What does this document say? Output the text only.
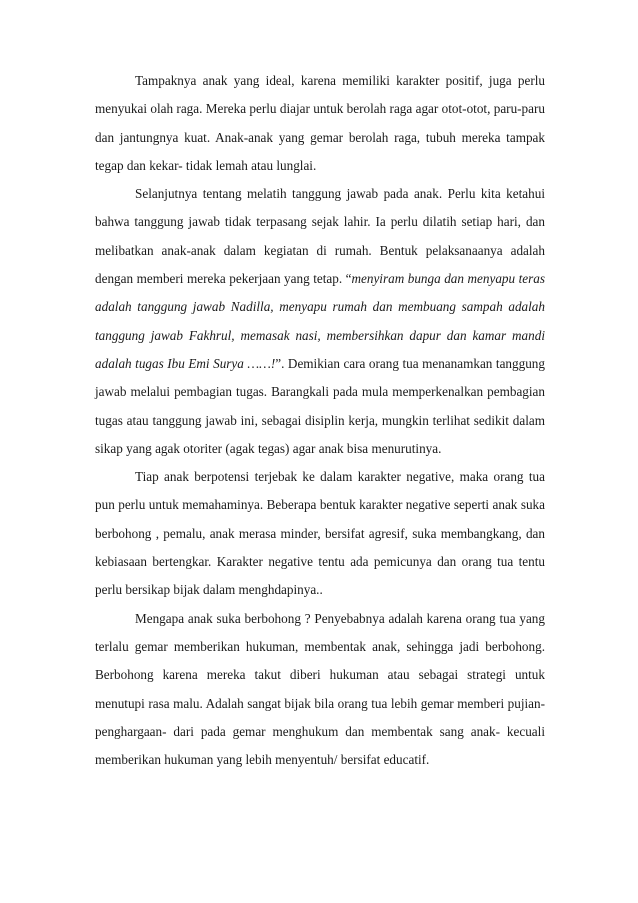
Tampaknya anak yang ideal, karena memiliki karakter positif, juga perlu menyukai olah raga. Mereka perlu diajar untuk berolah raga agar otot-otot, paru-paru dan jantungnya kuat. Anak-anak yang gemar berolah raga, tubuh mereka tampak tegap dan kekar- tidak lemah atau lunglai.

Selanjutnya tentang melatih tanggung jawab pada anak. Perlu kita ketahui bahwa tanggung jawab tidak terpasang sejak lahir. Ia perlu dilatih setiap hari, dan melibatkan anak-anak dalam kegiatan di rumah. Bentuk pelaksanaanya adalah dengan memberi mereka pekerjaan yang tetap. “menyiram bunga dan menyapu teras adalah tanggung jawab Nadilla, menyapu rumah dan membuang sampah adalah tanggung jawab Fakhrul, memasak nasi, membersihkan dapur dan kamar mandi adalah tugas Ibu Emi Surya ……!”. Demikian cara orang tua menanamkan tanggung jawab melalui pembagian tugas. Barangkali pada mula memperkenalkan pembagian tugas atau tanggung jawab ini, sebagai disiplin kerja, mungkin terlihat sedikit dalam sikap yang agak otoriter (agak tegas) agar anak bisa menurutinya.

Tiap anak berpotensi terjebak ke dalam karakter negative, maka orang tua pun perlu untuk memahaminya. Beberapa bentuk karakter negative seperti anak suka berbohong , pemalu, anak merasa minder, bersifat agresif, suka membangkang, dan kebiasaan bertengkar. Karakter negative tentu ada pemicunya dan orang tua tentu perlu bersikap bijak dalam menghdapinya..

Mengapa anak suka berbohong ? Penyebabnya adalah karena orang tua yang terlalu gemar memberikan hukuman, membentak anak, sehingga jadi berbohong. Berbohong karena mereka takut diberi hukuman atau sebagai strategi untuk menutupi rasa malu. Adalah sangat bijak bila orang tua lebih gemar memberi pujian-penghargaan- dari pada gemar menghukum dan membentak sang anak- kecuali memberikan hukuman yang lebih menyentuh/ bersifat educatif.
